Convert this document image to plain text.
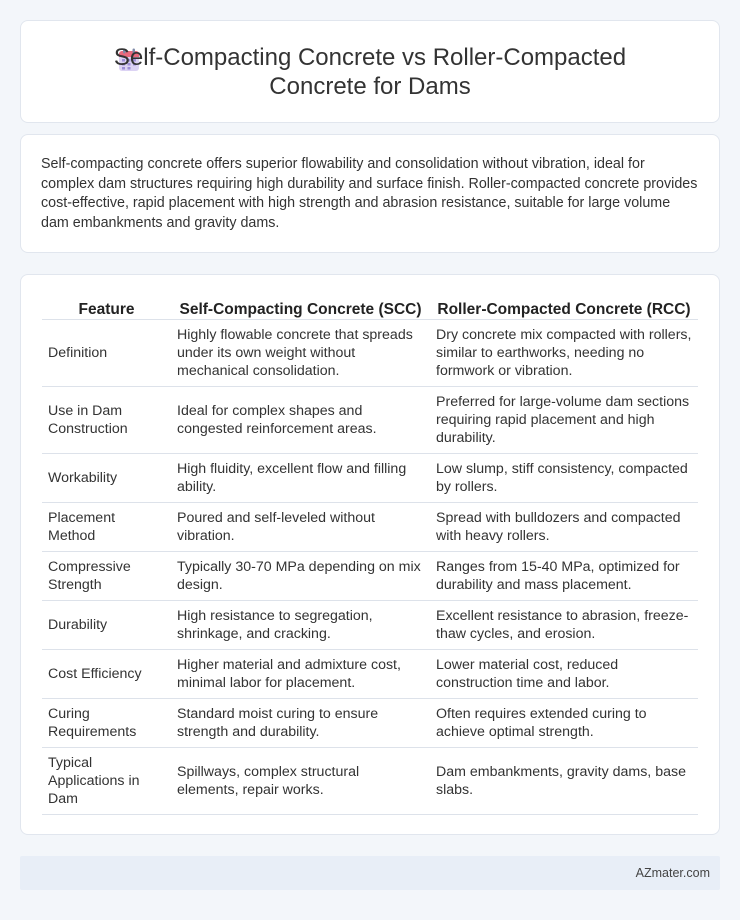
Self-Compacting Concrete vs Roller-Compacted Concrete for Dams

Self-compacting concrete offers superior flowability and consolidation without vibration, ideal for complex dam structures requiring high durability and surface finish. Roller-compacted concrete provides cost-effective, rapid placement with high strength and abrasion resistance, suitable for large volume dam embankments and gravity dams.

Feature	Self-Compacting Concrete (SCC)	Roller-Compacted Concrete (RCC)
Definition	Highly flowable concrete that spreads under its own weight without mechanical consolidation.	Dry concrete mix compacted with rollers, similar to earthworks, needing no formwork or vibration.
Use in Dam Construction	Ideal for complex shapes and congested reinforcement areas.	Preferred for large-volume dam sections requiring rapid placement and high durability.
Workability	High fluidity, excellent flow and filling ability.	Low slump, stiff consistency, compacted by rollers.
Placement Method	Poured and self-leveled without vibration.	Spread with bulldozers and compacted with heavy rollers.
Compressive Strength	Typically 30-70 MPa depending on mix design.	Ranges from 15-40 MPa, optimized for durability and mass placement.
Durability	High resistance to segregation, shrinkage, and cracking.	Excellent resistance to abrasion, freeze-thaw cycles, and erosion.
Cost Efficiency	Higher material and admixture cost, minimal labor for placement.	Lower material cost, reduced construction time and labor.
Curing Requirements	Standard moist curing to ensure strength and durability.	Often requires extended curing to achieve optimal strength.
Typical Applications in Dam	Spillways, complex structural elements, repair works.	Dam embankments, gravity dams, base slabs.
AZmater.com
